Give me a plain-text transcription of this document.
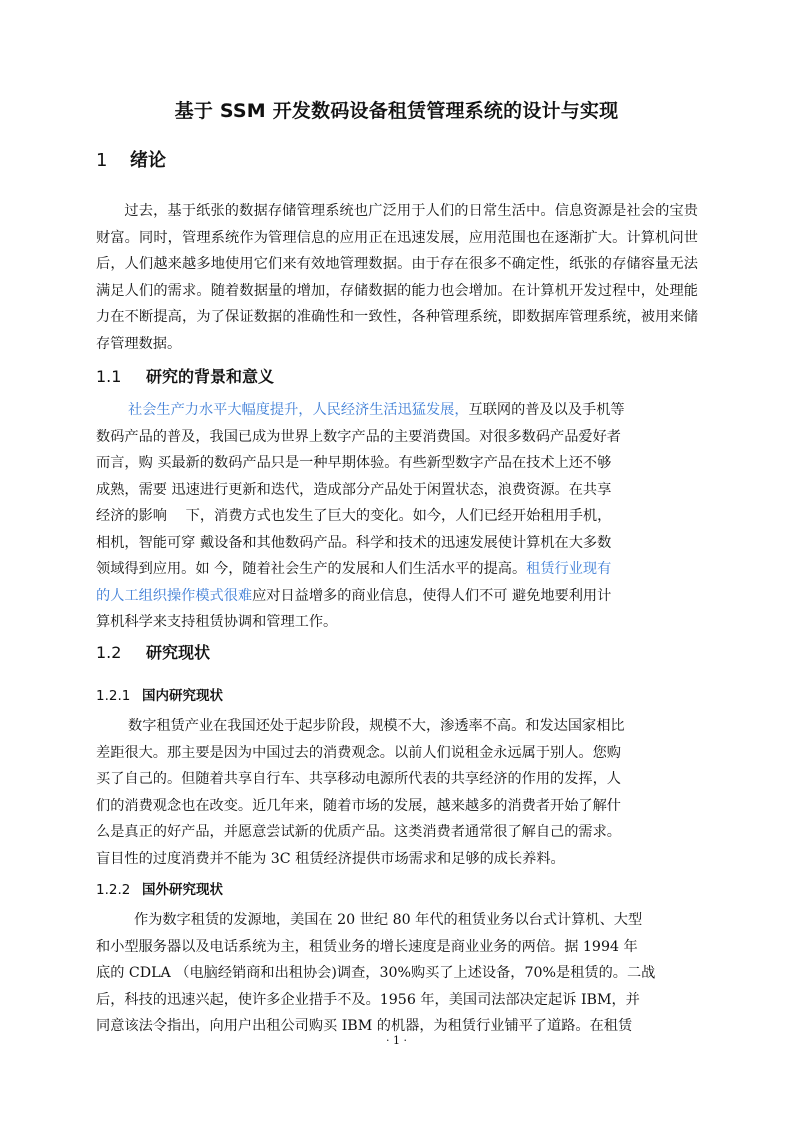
基于 SSM 开发数码设备租赁管理系统的设计与实现
1 绪论

过去，基于纸张的数据存储管理系统也广泛用于人们的日常生活中。信息资源是社会的宝贵财富。同时，管理系统作为管理信息的应用正在迅速发展，应用范围也在逐渐扩大。计算机问世后，人们越来越多地使用它们来有效地管理数据。由于存在很多不确定性，纸张的存储容量无法满足人们的需求。随着数据量的增加，存储数据的能力也会增加。在计算机开发过程中，处理能力在不断提高，为了保证数据的准确性和一致性，各种管理系统，即数据库管理系统，被用来储存管理数据。

1.1 研究的背景和意义
社会生产力水平大幅度提升，人民经济生活迅猛发展，互联网的普及以及手机等
数码产品的普及，我国已成为世界上数字产品的主要消费国。对很多数码产品爱好者
而言，购 买最新的数码产品只是一种早期体验。有些新型数字产品在技术上还不够
成熟，需要 迅速进行更新和迭代，造成部分产品处于闲置状态，浪费资源。在共享
经济的影响　 下，消费方式也发生了巨大的变化。如今，人们已经开始租用手机，
相机，智能可穿 戴设备和其他数码产品。科学和技术的迅速发展使计算机在大多数
领域得到应用。如 今，随着社会生产的发展和人们生活水平的提高。租赁行业现有
的人工组织操作模式很难应对日益增多的商业信息，使得人们不可 避免地要利用计
算机科学来支持租赁协调和管理工作。
1.2 研究现状
1.2.1 国内研究现状
数字租赁产业在我国还处于起步阶段，规模不大，渗透率不高。和发达国家相比
差距很大。那主要是因为中国过去的消费观念。以前人们说租金永远属于别人。您购
买了自己的。但随着共享自行车、共享移动电源所代表的共享经济的作用的发挥，人
们的消费观念也在改变。近几年来，随着市场的发展，越来越多的消费者开始了解什
么是真正的好产品，并愿意尝试新的优质产品。这类消费者通常很了解自己的需求。
盲目性的过度消费并不能为 3C 租赁经济提供市场需求和足够的成长养料。
1.2.2 国外研究现状
作为数字租赁的发源地，美国在 20 世纪 80 年代的租赁业务以台式计算机、大型
和小型服务器以及电话系统为主，租赁业务的增长速度是商业业务的两倍。据 1994 年
底的 CDLA （电脑经销商和出租协会)调查，30%购买了上述设备，70%是租赁的。二战
后，科技的迅速兴起，使许多企业措手不及。1956 年，美国司法部决定起诉 IBM，并
同意该法令指出，向用户出租公司购买 IBM 的机器，为租赁行业铺平了道路。在租赁
· 1 ·
